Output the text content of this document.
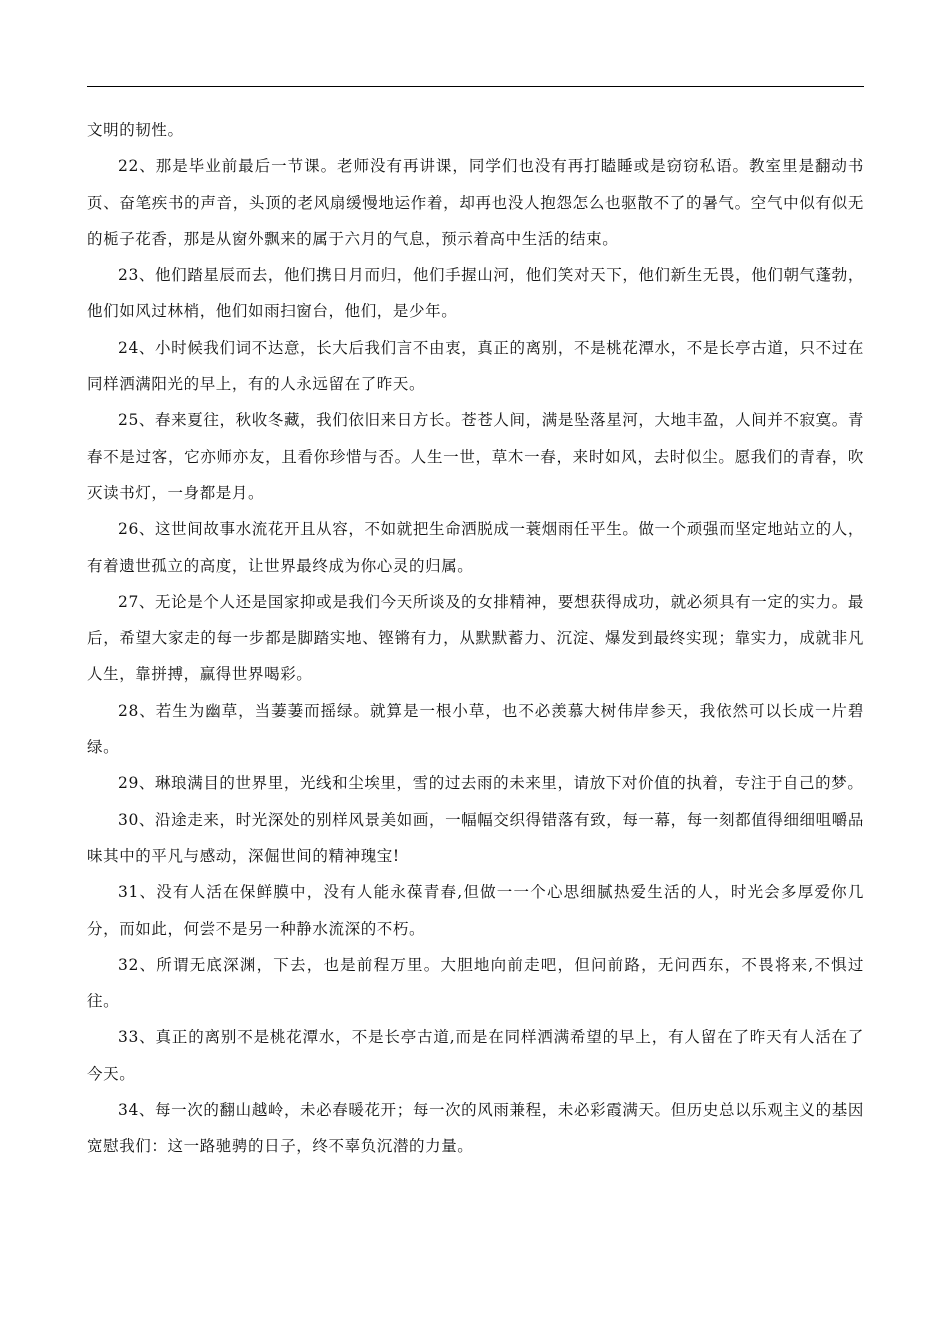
文明的韧性。

22、那是毕业前最后一节课。老师没有再讲课，同学们也没有再打瞌睡或是窃窃私语。教室里是翻动书页、奋笔疾书的声音，头顶的老风扇缓慢地运作着，却再也没人抱怨怎么也驱散不了的暑气。空气中似有似无的栀子花香，那是从窗外飘来的属于六月的气息，预示着高中生活的结束。

23、他们踏星辰而去，他们携日月而归，他们手握山河，他们笑对天下，他们新生无畏，他们朝气蓬勃，他们如风过林梢，他们如雨扫窗台，他们，是少年。

24、小时候我们词不达意，长大后我们言不由衷，真正的离别，不是桃花潭水，不是长亭古道，只不过在同样洒满阳光的早上，有的人永远留在了昨天。

25、春来夏往，秋收冬藏，我们依旧来日方长。苍苍人间，满是坠落星河，大地丰盈，人间并不寂寞。青春不是过客，它亦师亦友，且看你珍惜与否。人生一世，草木一春，来时如风，去时似尘。愿我们的青春，吹灭读书灯，一身都是月。

26、这世间故事水流花开且从容，不如就把生命洒脱成一蓑烟雨任平生。做一个顽强而坚定地站立的人，有着遗世孤立的高度，让世界最终成为你心灵的归属。

27、无论是个人还是国家抑或是我们今天所谈及的女排精神，要想获得成功，就必须具有一定的实力。最后，希望大家走的每一步都是脚踏实地、铿锵有力，从默默蓄力、沉淀、爆发到最终实现；靠实力，成就非凡人生，靠拼搏，赢得世界喝彩。

28、若生为幽草，当萋萋而摇绿。就算是一根小草，也不必羡慕大树伟岸参天，我依然可以长成一片碧绿。

29、琳琅满目的世界里，光线和尘埃里，雪的过去雨的未来里，请放下对价值的执着，专注于自己的梦。

30、沿途走来，时光深处的别样风景美如画，一幅幅交织得错落有致，每一幕，每一刻都值得细细咀嚼品味其中的平凡与感动，深倔世间的精神瑰宝!

31、没有人活在保鲜膜中，没有人能永葆青春,但做一一个心思细腻热爱生活的人，时光会多厚爱你几分，而如此，何尝不是另一种静水流深的不朽。

32、所谓无底深渊，下去，也是前程万里。大胆地向前走吧，但问前路，无问西东，不畏将来,不惧过往。

33、真正的离别不是桃花潭水，不是长亭古道,而是在同样洒满希望的早上，有人留在了昨天有人活在了今天。

34、每一次的翻山越岭，未必春暖花开；每一次的风雨兼程，未必彩霞满天。但历史总以乐观主义的基因宽慰我们：这一路驰骋的日子，终不辜负沉潜的力量。
